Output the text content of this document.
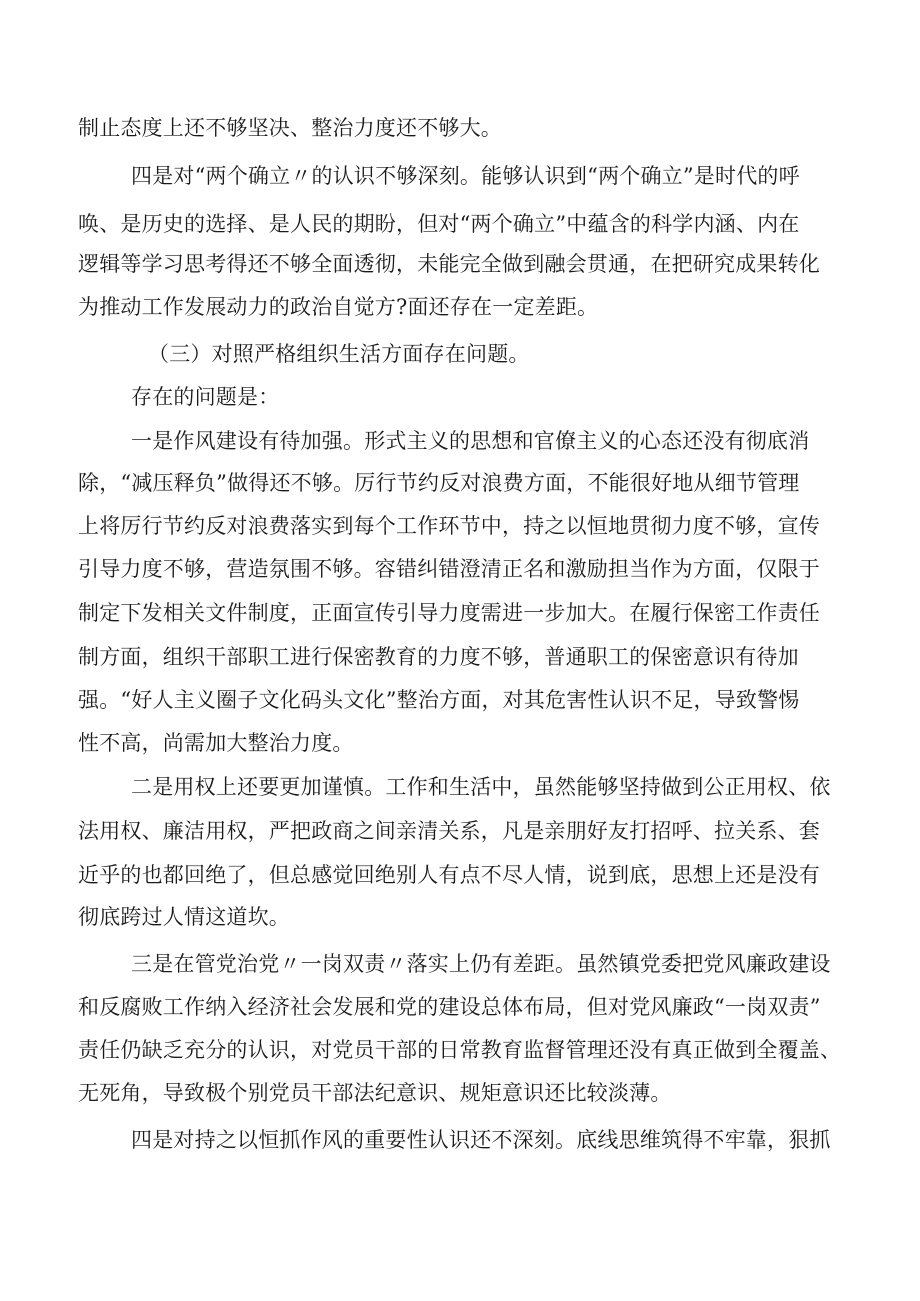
制止态度上还不够坚决、整治力度还不够大。
四是对“两个确立〃的认识不够深刻。能够认识到“两个确立”是时代的呼
唤、是历史的选择、是人民的期盼，但对“两个确立”中蕴含的科学内涵、内在
逻辑等学习思考得还不够全面透彻，未能完全做到融会贯通，在把研究成果转化
为推动工作发展动力的政治自觉方?面还存在一定差距。
（三）对照严格组织生活方面存在问题。
存在的问题是：
一是作风建设有待加强。形式主义的思想和官僚主义的心态还没有彻底消
除，“减压释负”做得还不够。厉行节约反对浪费方面，不能很好地从细节管理
上将厉行节约反对浪费落实到每个工作环节中，持之以恒地贯彻力度不够，宣传
引导力度不够，营造氛围不够。容错纠错澄清正名和激励担当作为方面，仅限于
制定下发相关文件制度，正面宣传引导力度需进一步加大。在履行保密工作责任
制方面，组织干部职工进行保密教育的力度不够，普通职工的保密意识有待加
强。“好人主义圈子文化码头文化”整治方面，对其危害性认识不足，导致警惕
性不高，尚需加大整治力度。
二是用权上还要更加谨慎。工作和生活中，虽然能够坚持做到公正用权、依
法用权、廉洁用权，严把政商之间亲清关系，凡是亲朋好友打招呼、拉关系、套
近乎的也都回绝了，但总感觉回绝别人有点不尽人情，说到底，思想上还是没有
彻底跨过人情这道坎。
三是在管党治党〃一岗双责〃落实上仍有差距。虽然镇党委把党风廉政建设
和反腐败工作纳入经济社会发展和党的建设总体布局，但对党风廉政“一岗双责”
责任仍缺乏充分的认识，对党员干部的日常教育监督管理还没有真正做到全覆盖、
无死角，导致极个别党员干部法纪意识、规矩意识还比较淡薄。
四是对持之以恒抓作风的重要性认识还不深刻。底线思维筑得不牢靠，狠抓
